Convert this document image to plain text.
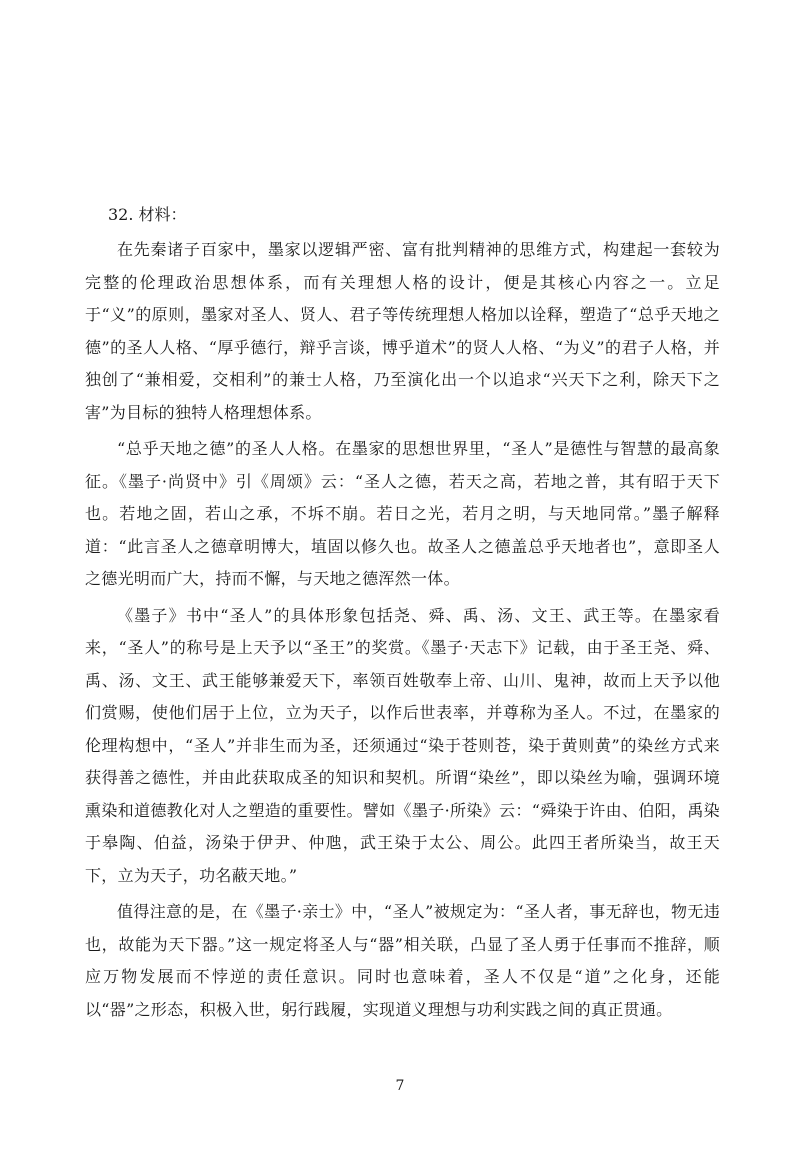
32. 材料：

在先秦诸子百家中，墨家以逻辑严密、富有批判精神的思维方式，构建起一套较为完整的伦理政治思想体系，而有关理想人格的设计，便是其核心内容之一。立足于“义”的原则，墨家对圣人、贤人、君子等传统理想人格加以诠释，塑造了“总乎天地之德”的圣人人格、“厚乎德行，辩乎言谈，博乎道术”的贤人人格、“为义”的君子人格，并独创了“兼相爱，交相利”的兼士人格，乃至演化出一个以追求“兴天下之利，除天下之害”为目标的独特人格理想体系。

“总乎天地之德”的圣人人格。在墨家的思想世界里，“圣人”是德性与智慧的最高象征。《墨子·尚贤中》引《周颂》云：“圣人之德，若天之高，若地之普，其有昭于天下也。若地之固，若山之承，不坼不崩。若日之光，若月之明，与天地同常。”墨子解释道：“此言圣人之德章明博大，埴固以修久也。故圣人之德盖总乎天地者也”，意即圣人之德光明而广大，持而不懈，与天地之德浑然一体。

《墨子》书中“圣人”的具体形象包括尧、舜、禹、汤、文王、武王等。在墨家看来，“圣人”的称号是上天予以“圣王”的奖赏。《墨子·天志下》记载，由于圣王尧、舜、禹、汤、文王、武王能够兼爱天下，率领百姓敬奉上帝、山川、鬼神，故而上天予以他们赏赐，使他们居于上位，立为天子，以作后世表率，并尊称为圣人。不过，在墨家的伦理构想中，“圣人”并非生而为圣，还须通过“染于苍则苍，染于黄则黄”的染丝方式来获得善之德性，并由此获取成圣的知识和契机。所谓“染丝”，即以染丝为喻，强调环境熏染和道德教化对人之塑造的重要性。譬如《墨子·所染》云：“舜染于许由、伯阳，禹染于皋陶、伯益，汤染于伊尹、仲虺，武王染于太公、周公。此四王者所染当，故王天下，立为天子，功名蔽天地。”

值得注意的是，在《墨子·亲士》中，“圣人”被规定为：“圣人者，事无辞也，物无违也，故能为天下器。”这一规定将圣人与“器”相关联，凸显了圣人勇于任事而不推辞，顺应万物发展而不悖逆的责任意识。同时也意味着，圣人不仅是“道”之化身，还能以“器”之形态，积极入世，躬行践履，实现道义理想与功利实践之间的真正贯通。

7
